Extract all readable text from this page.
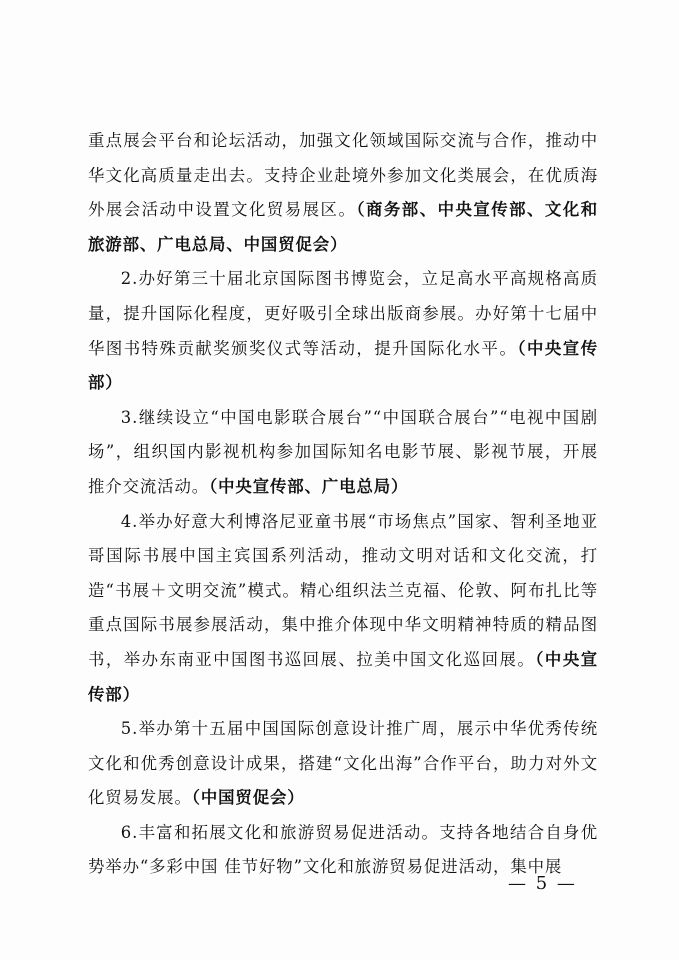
重点展会平台和论坛活动，加强文化领域国际交流与合作，推动中华文化高质量走出去。支持企业赴境外参加文化类展会，在优质海外展会活动中设置文化贸易展区。（商务部、中央宣传部、文化和旅游部、广电总局、中国贸促会）

2.办好第三十届北京国际图书博览会，立足高水平高规格高质量，提升国际化程度，更好吸引全球出版商参展。办好第十七届中华图书特殊贡献奖颁奖仪式等活动，提升国际化水平。（中央宣传部）

3.继续设立“中国电影联合展台”“中国联合展台”“电视中国剧场”，组织国内影视机构参加国际知名电影节展、影视节展，开展推介交流活动。（中央宣传部、广电总局）

4.举办好意大利博洛尼亚童书展“市场焦点”国家、智利圣地亚哥国际书展中国主宾国系列活动，推动文明对话和文化交流，打造“书展＋文明交流”模式。精心组织法兰克福、伦敦、阿布扎比等重点国际书展参展活动，集中推介体现中华文明精神特质的精品图书，举办东南亚中国图书巡回展、拉美中国文化巡回展。（中央宣传部）

5.举办第十五届中国国际创意设计推广周，展示中华优秀传统文化和优秀创意设计成果，搭建“文化出海”合作平台，助力对外文化贸易发展。（中国贸促会）

6.丰富和拓展文化和旅游贸易促进活动。支持各地结合自身优势举办“多彩中国 佳节好物”文化和旅游贸易促进活动，集中展

— 5 —
